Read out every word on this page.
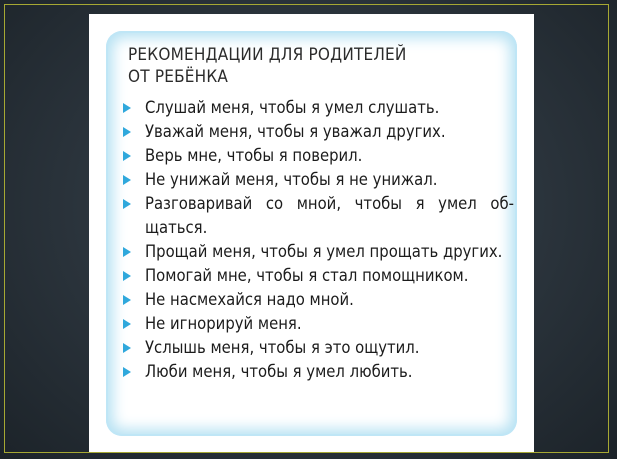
РЕКОМЕНДАЦИИ ДЛЯ РОДИТЕЛЕЙ
ОТ РЕБЁНКА
Слушай меня, чтобы я умел слушать.
Уважай меня, чтобы я уважал других.
Верь мне, чтобы я поверил.
Не унижай меня, чтобы я не унижал.
Разговаривай со мной, чтобы я умел об-щаться.
Прощай меня, чтобы я умел прощать других.
Помогай мне, чтобы я стал помощником.
Не насмехайся надо мной.
Не игнорируй меня.
Услышь меня, чтобы я это ощутил.
Люби меня, чтобы я умел любить.
